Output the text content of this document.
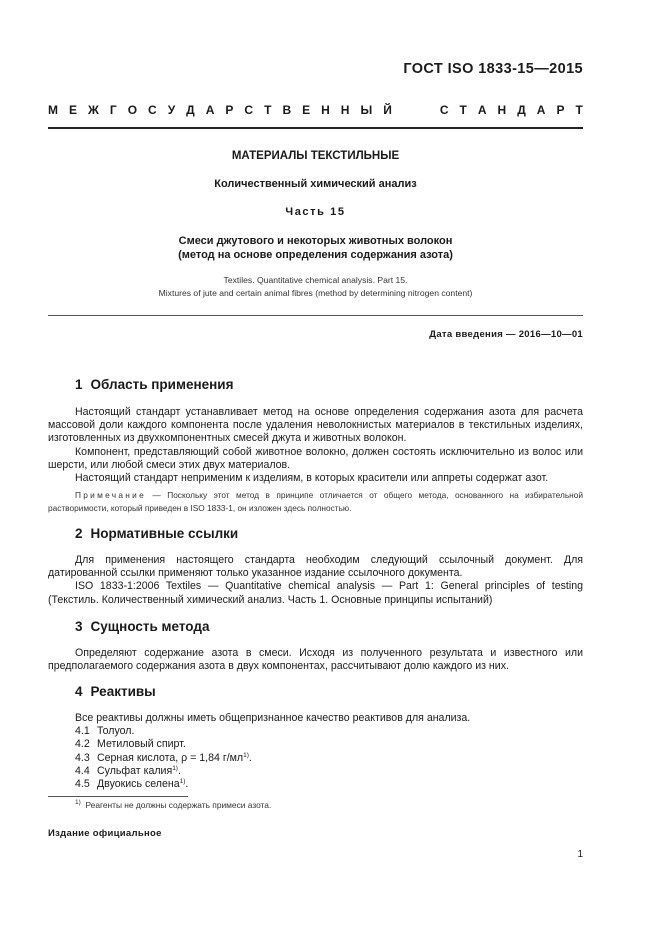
ГОСТ ISO 1833-15—2015
М Е Ж Г О С У Д А Р С Т В Е Н Н Ы Й	С Т А Н Д А Р Т
МАТЕРИАЛЫ ТЕКСТИЛЬНЫЕ
Количественный химический анализ
Часть 15
Смеси джутового и некоторых животных волокон
(метод на основе определения содержания азота)
Textiles. Quantitative chemical analysis. Part 15.
Mixtures of jute and certain animal fibres (method by determining nitrogen content)
Дата введения — 2016—10—01
1 Область применения

Настоящий стандарт устанавливает метод на основе определения содержания азота для расчета массовой доли каждого компонента после удаления неволокнистых материалов в текстильных изделиях, изготовленных из двухкомпонентных смесей джута и животных волокон.

Компонент, представляющий собой животное волокно, должен состоять исключительно из волос или шерсти, или любой смеси этих двух материалов.

Настоящий стандарт неприменим к изделиям, в которых красители или аппреты содержат азот.

Примечание — Поскольку этот метод в принципе отличается от общего метода, основанного на избирательной растворимости, который приведен в ISO 1833-1, он изложен здесь полностью.

2 Нормативные ссылки

Для применения настоящего стандарта необходим следующий ссылочный документ. Для датированной ссылки применяют только указанное издание ссылочного документа.

ISO 1833-1:2006 Textiles — Quantitative chemical analysis — Part 1: General principles of testing (Текстиль. Количественный химический анализ. Часть 1. Основные принципы испытаний)

3 Сущность метода

Определяют содержание азота в смеси. Исходя из полученного результата и известного или предполагаемого содержания азота в двух компонентах, рассчитывают долю каждого из них.

4 Реактивы
Все реактивы должны иметь общепризнанное качество реактивов для анализа.
4.1 Толуол.
4.2 Метиловый спирт.
4.3 Серная кислота, ρ = 1,84 $г/мл^{1)}$.
4.4 Сульфат калия$^{1)}$.
4.5 Двуокись селена$^{1)}$.
$^{1)}$ Реагенты не должны содержать примеси азота.
Издание официальное
1
